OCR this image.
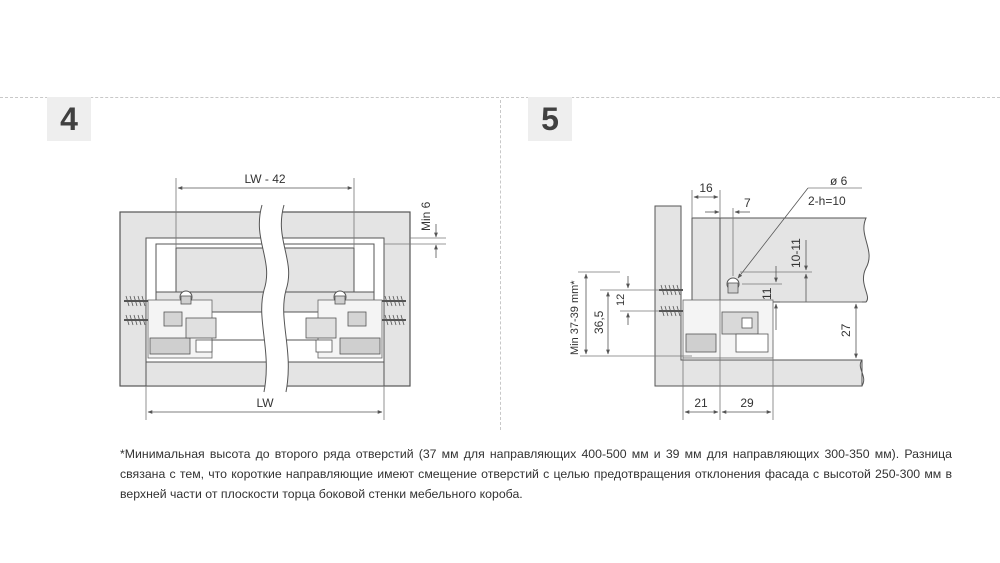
4	5
LW - 42
Min 6
LW
16
7
ø 6
2-h=10
10-11
11
27
12
36,5
Min 37-39 mm*
21	29
*Минимальная высота до второго ряда отверстий (37 мм для направляющих 400-500 мм и 39 мм для направляющих 300-350 мм). Разница связана с тем, что короткие направляющие имеют смещение отверстий с целью предотвращения отклонения фасада с высотой 250-300 мм в верхней части от плоскости торца боковой стенки мебельного короба.
